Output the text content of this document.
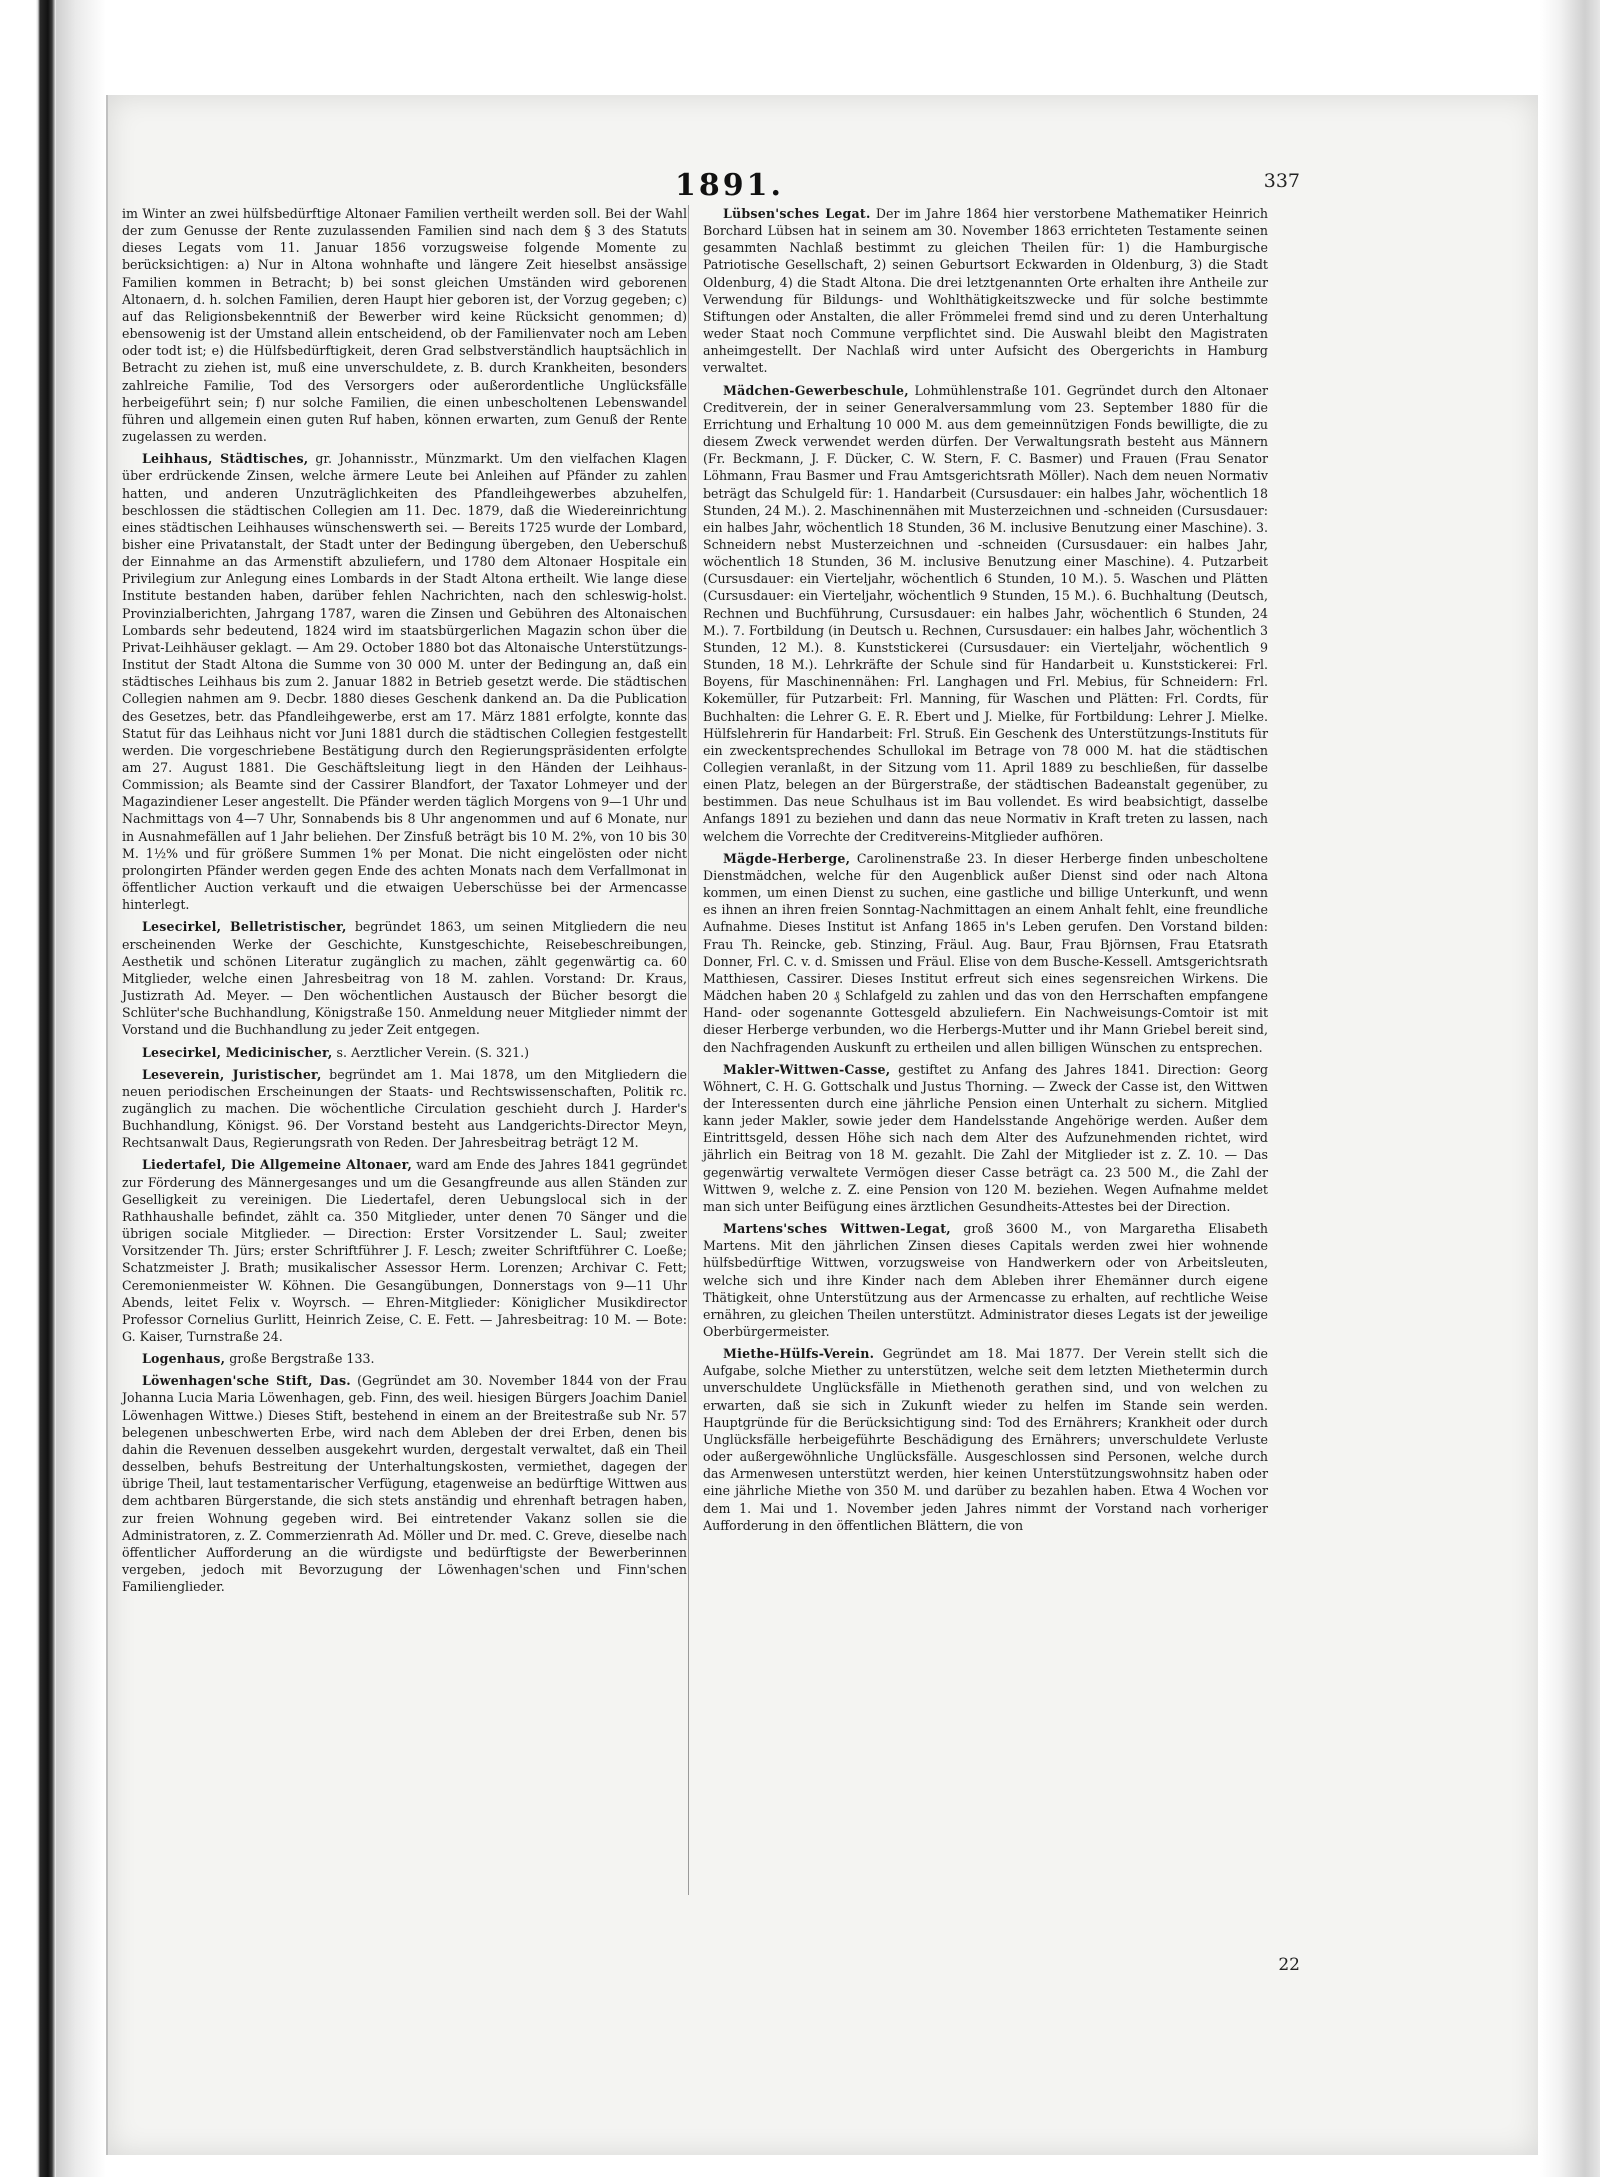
1891.	337

im Winter an zwei hülfsbedürftige Altonaer Familien vertheilt werden soll. Bei der Wahl der zum Genusse der Rente zuzulassenden Familien sind nach dem § 3 des Statuts dieses Legats vom 11. Januar 1856 vorzugsweise folgende Momente zu berücksichtigen: a) Nur in Altona wohnhafte und längere Zeit hieselbst ansässige Familien kommen in Betracht; b) bei sonst gleichen Umständen wird geborenen Altonaern, d. h. solchen Familien, deren Haupt hier geboren ist, der Vorzug gegeben; c) auf das Religionsbekenntniß der Bewerber wird keine Rücksicht genommen; d) ebensowenig ist der Umstand allein entscheidend, ob der Familienvater noch am Leben oder todt ist; e) die Hülfsbedürftigkeit, deren Grad selbstverständlich hauptsächlich in Betracht zu ziehen ist, muß eine unverschuldete, z. B. durch Krankheiten, besonders zahlreiche Familie, Tod des Versorgers oder außerordentliche Unglücksfälle herbeigeführt sein; f) nur solche Familien, die einen unbescholtenen Lebenswandel führen und allgemein einen guten Ruf haben, können erwarten, zum Genuß der Rente zugelassen zu werden.

Leihhaus, Städtisches, gr. Johannisstr., Münzmarkt. Um den vielfachen Klagen über erdrückende Zinsen, welche ärmere Leute bei Anleihen auf Pfänder zu zahlen hatten, und anderen Unzuträglichkeiten des Pfandleihgewerbes abzuhelfen, beschlossen die städtischen Collegien am 11. Dec. 1879, daß die Wiedereinrichtung eines städtischen Leihhauses wünschenswerth sei. — Bereits 1725 wurde der Lombard, bisher eine Privatanstalt, der Stadt unter der Bedingung übergeben, den Ueberschuß der Einnahme an das Armenstift abzuliefern, und 1780 dem Altonaer Hospitale ein Privilegium zur Anlegung eines Lombards in der Stadt Altona ertheilt. Wie lange diese Institute bestanden haben, darüber fehlen Nachrichten, nach den schleswig-holst. Provinzialberichten, Jahrgang 1787, waren die Zinsen und Gebühren des Altonaischen Lombards sehr bedeutend, 1824 wird im staatsbürgerlichen Magazin schon über die Privat-Leihhäuser geklagt. — Am 29. October 1880 bot das Altonaische Unterstützungs-Institut der Stadt Altona die Summe von 30 000 M. unter der Bedingung an, daß ein städtisches Leihhaus bis zum 2. Januar 1882 in Betrieb gesetzt werde. Die städtischen Collegien nahmen am 9. Decbr. 1880 dieses Geschenk dankend an. Da die Publication des Gesetzes, betr. das Pfandleihgewerbe, erst am 17. März 1881 erfolgte, konnte das Statut für das Leihhaus nicht vor Juni 1881 durch die städtischen Collegien festgestellt werden. Die vorgeschriebene Bestätigung durch den Regierungspräsidenten erfolgte am 27. August 1881. Die Geschäftsleitung liegt in den Händen der Leihhaus-Commission; als Beamte sind der Cassirer Blandfort, der Taxator Lohmeyer und der Magazindiener Leser angestellt. Die Pfänder werden täglich Morgens von 9—1 Uhr und Nachmittags von 4—7 Uhr, Sonnabends bis 8 Uhr angenommen und auf 6 Monate, nur in Ausnahmefällen auf 1 Jahr beliehen. Der Zinsfuß beträgt bis 10 M. 2%, von 10 bis 30 M. 1½% und für größere Summen 1% per Monat. Die nicht eingelösten oder nicht prolongirten Pfänder werden gegen Ende des achten Monats nach dem Verfallmonat in öffentlicher Auction verkauft und die etwaigen Ueberschüsse bei der Armencasse hinterlegt.

Lesecirkel, Belletristischer, begründet 1863, um seinen Mitgliedern die neu erscheinenden Werke der Geschichte, Kunstgeschichte, Reisebeschreibungen, Aesthetik und schönen Literatur zugänglich zu machen, zählt gegenwärtig ca. 60 Mitglieder, welche einen Jahresbeitrag von 18 M. zahlen. Vorstand: Dr. Kraus, Justizrath Ad. Meyer. — Den wöchentlichen Austausch der Bücher besorgt die Schlüter'sche Buchhandlung, Königstraße 150. Anmeldung neuer Mitglieder nimmt der Vorstand und die Buchhandlung zu jeder Zeit entgegen.

Lesecirkel, Medicinischer, s. Aerztlicher Verein. (S. 321.)

Leseverein, Juristischer, begründet am 1. Mai 1878, um den Mitgliedern die neuen periodischen Erscheinungen der Staats- und Rechtswissenschaften, Politik rc. zugänglich zu machen. Die wöchentliche Circulation geschieht durch J. Harder's Buchhandlung, Königst. 96. Der Vorstand besteht aus Landgerichts-Director Meyn, Rechtsanwalt Daus, Regierungsrath von Reden. Der Jahresbeitrag beträgt 12 M.

Liedertafel, Die Allgemeine Altonaer, ward am Ende des Jahres 1841 gegründet zur Förderung des Männergesanges und um die Gesangfreunde aus allen Ständen zur Geselligkeit zu vereinigen. Die Liedertafel, deren Uebungslocal sich in der Rathhaushalle befindet, zählt ca. 350 Mitglieder, unter denen 70 Sänger und die übrigen sociale Mitglieder. — Direction: Erster Vorsitzender L. Saul; zweiter Vorsitzender Th. Jürs; erster Schriftführer J. F. Lesch; zweiter Schriftführer C. Loeße; Schatzmeister J. Brath; musikalischer Assessor Herm. Lorenzen; Archivar C. Fett; Ceremonienmeister W. Köhnen. Die Gesangübungen, Donnerstags von 9—11 Uhr Abends, leitet Felix v. Woyrsch. — Ehren-Mitglieder: Königlicher Musikdirector Professor Cornelius Gurlitt, Heinrich Zeise, C. E. Fett. — Jahresbeitrag: 10 M. — Bote: G. Kaiser, Turnstraße 24.

Logenhaus, große Bergstraße 133.

Löwenhagen'sche Stift, Das. (Gegründet am 30. November 1844 von der Frau Johanna Lucia Maria Löwenhagen, geb. Finn, des weil. hiesigen Bürgers Joachim Daniel Löwenhagen Wittwe.) Dieses Stift, bestehend in einem an der Breitestraße sub Nr. 57 belegenen unbeschwerten Erbe, wird nach dem Ableben der drei Erben, denen bis dahin die Revenuen desselben ausgekehrt wurden, dergestalt verwaltet, daß ein Theil desselben, behufs Bestreitung der Unterhaltungskosten, vermiethet, dagegen der übrige Theil, laut testamentarischer Verfügung, etagenweise an bedürftige Wittwen aus dem achtbaren Bürgerstande, die sich stets anständig und ehrenhaft betragen haben, zur freien Wohnung gegeben wird. Bei eintretender Vakanz sollen sie die Administratoren, z. Z. Commerzienrath Ad. Möller und Dr. med. C. Greve, dieselbe nach öffentlicher Aufforderung an die würdigste und bedürftigste der Bewerberinnen vergeben, jedoch mit Bevorzugung der Löwenhagen'schen und Finn'schen Familienglieder.

Lübsen'sches Legat. Der im Jahre 1864 hier verstorbene Mathematiker Heinrich Borchard Lübsen hat in seinem am 30. November 1863 errichteten Testamente seinen gesammten Nachlaß bestimmt zu gleichen Theilen für: 1) die Hamburgische Patriotische Gesellschaft, 2) seinen Geburtsort Eckwarden in Oldenburg, 3) die Stadt Oldenburg, 4) die Stadt Altona. Die drei letztgenannten Orte erhalten ihre Antheile zur Verwendung für Bildungs- und Wohlthätigkeitszwecke und für solche bestimmte Stiftungen oder Anstalten, die aller Frömmelei fremd sind und zu deren Unterhaltung weder Staat noch Commune verpflichtet sind. Die Auswahl bleibt den Magistraten anheimgestellt. Der Nachlaß wird unter Aufsicht des Obergerichts in Hamburg verwaltet.

Mädchen-Gewerbeschule, Lohmühlenstraße 101. Gegründet durch den Altonaer Creditverein, der in seiner Generalversammlung vom 23. September 1880 für die Errichtung und Erhaltung 10 000 M. aus dem gemeinnützigen Fonds bewilligte, die zu diesem Zweck verwendet werden dürfen. Der Verwaltungsrath besteht aus Männern (Fr. Beckmann, J. F. Dücker, C. W. Stern, F. C. Basmer) und Frauen (Frau Senator Löhmann, Frau Basmer und Frau Amtsgerichtsrath Möller). Nach dem neuen Normativ beträgt das Schulgeld für: 1. Handarbeit (Cursusdauer: ein halbes Jahr, wöchentlich 18 Stunden, 24 M.). 2. Maschinennähen mit Musterzeichnen und -schneiden (Cursusdauer: ein halbes Jahr, wöchentlich 18 Stunden, 36 M. inclusive Benutzung einer Maschine). 3. Schneidern nebst Musterzeichnen und -schneiden (Cursusdauer: ein halbes Jahr, wöchentlich 18 Stunden, 36 M. inclusive Benutzung einer Maschine). 4. Putzarbeit (Cursusdauer: ein Vierteljahr, wöchentlich 6 Stunden, 10 M.). 5. Waschen und Plätten (Cursusdauer: ein Vierteljahr, wöchentlich 9 Stunden, 15 M.). 6. Buchhaltung (Deutsch, Rechnen und Buchführung, Cursusdauer: ein halbes Jahr, wöchentlich 6 Stunden, 24 M.). 7. Fortbildung (in Deutsch u. Rechnen, Cursusdauer: ein halbes Jahr, wöchentlich 3 Stunden, 12 M.). 8. Kunststickerei (Cursusdauer: ein Vierteljahr, wöchentlich 9 Stunden, 18 M.). Lehrkräfte der Schule sind für Handarbeit u. Kunststickerei: Frl. Boyens, für Maschinennähen: Frl. Langhagen und Frl. Mebius, für Schneidern: Frl. Kokemüller, für Putzarbeit: Frl. Manning, für Waschen und Plätten: Frl. Cordts, für Buchhalten: die Lehrer G. E. R. Ebert und J. Mielke, für Fortbildung: Lehrer J. Mielke. Hülfslehrerin für Handarbeit: Frl. Struß. Ein Geschenk des Unterstützungs-Instituts für ein zweckentsprechendes Schullokal im Betrage von 78 000 M. hat die städtischen Collegien veranlaßt, in der Sitzung vom 11. April 1889 zu beschließen, für dasselbe einen Platz, belegen an der Bürgerstraße, der städtischen Badeanstalt gegenüber, zu bestimmen. Das neue Schulhaus ist im Bau vollendet. Es wird beabsichtigt, dasselbe Anfangs 1891 zu beziehen und dann das neue Normativ in Kraft treten zu lassen, nach welchem die Vorrechte der Creditvereins-Mitglieder aufhören.

Mägde-Herberge, Carolinenstraße 23. In dieser Herberge finden unbescholtene Dienstmädchen, welche für den Augenblick außer Dienst sind oder nach Altona kommen, um einen Dienst zu suchen, eine gastliche und billige Unterkunft, und wenn es ihnen an ihren freien Sonntag-Nachmittagen an einem Anhalt fehlt, eine freundliche Aufnahme. Dieses Institut ist Anfang 1865 in's Leben gerufen. Den Vorstand bilden: Frau Th. Reincke, geb. Stinzing, Fräul. Aug. Baur, Frau Björnsen, Frau Etatsrath Donner, Frl. C. v. d. Smissen und Fräul. Elise von dem Busche-Kessell. Amtsgerichtsrath Matthiesen, Cassirer. Dieses Institut erfreut sich eines segensreichen Wirkens. Die Mädchen haben 20 ₰ Schlafgeld zu zahlen und das von den Herrschaften empfangene Hand- oder sogenannte Gottesgeld abzuliefern. Ein Nachweisungs-Comtoir ist mit dieser Herberge verbunden, wo die Herbergs-Mutter und ihr Mann Griebel bereit sind, den Nachfragenden Auskunft zu ertheilen und allen billigen Wünschen zu entsprechen.

Makler-Wittwen-Casse, gestiftet zu Anfang des Jahres 1841. Direction: Georg Wöhnert, C. H. G. Gottschalk und Justus Thorning. — Zweck der Casse ist, den Wittwen der Interessenten durch eine jährliche Pension einen Unterhalt zu sichern. Mitglied kann jeder Makler, sowie jeder dem Handelsstande Angehörige werden. Außer dem Eintrittsgeld, dessen Höhe sich nach dem Alter des Aufzunehmenden richtet, wird jährlich ein Beitrag von 18 M. gezahlt. Die Zahl der Mitglieder ist z. Z. 10. — Das gegenwärtig verwaltete Vermögen dieser Casse beträgt ca. 23 500 M., die Zahl der Wittwen 9, welche z. Z. eine Pension von 120 M. beziehen. Wegen Aufnahme meldet man sich unter Beifügung eines ärztlichen Gesundheits-Attestes bei der Direction.

Martens'sches Wittwen-Legat, groß 3600 M., von Margaretha Elisabeth Martens. Mit den jährlichen Zinsen dieses Capitals werden zwei hier wohnende hülfsbedürftige Wittwen, vorzugsweise von Handwerkern oder von Arbeitsleuten, welche sich und ihre Kinder nach dem Ableben ihrer Ehemänner durch eigene Thätigkeit, ohne Unterstützung aus der Armencasse zu erhalten, auf rechtliche Weise ernähren, zu gleichen Theilen unterstützt. Administrator dieses Legats ist der jeweilige Oberbürgermeister.

Miethe-Hülfs-Verein. Gegründet am 18. Mai 1877. Der Verein stellt sich die Aufgabe, solche Miether zu unterstützen, welche seit dem letzten Miethetermin durch unverschuldete Unglücksfälle in Miethenoth gerathen sind, und von welchen zu erwarten, daß sie sich in Zukunft wieder zu helfen im Stande sein werden. Hauptgründe für die Berücksichtigung sind: Tod des Ernährers; Krankheit oder durch Unglücksfälle herbeigeführte Beschädigung des Ernährers; unverschuldete Verluste oder außergewöhnliche Unglücksfälle. Ausgeschlossen sind Personen, welche durch das Armenwesen unterstützt werden, hier keinen Unterstützungswohnsitz haben oder eine jährliche Miethe von 350 M. und darüber zu bezahlen haben. Etwa 4 Wochen vor dem 1. Mai und 1. November jeden Jahres nimmt der Vorstand nach vorheriger Aufforderung in den öffentlichen Blättern, die von

22
